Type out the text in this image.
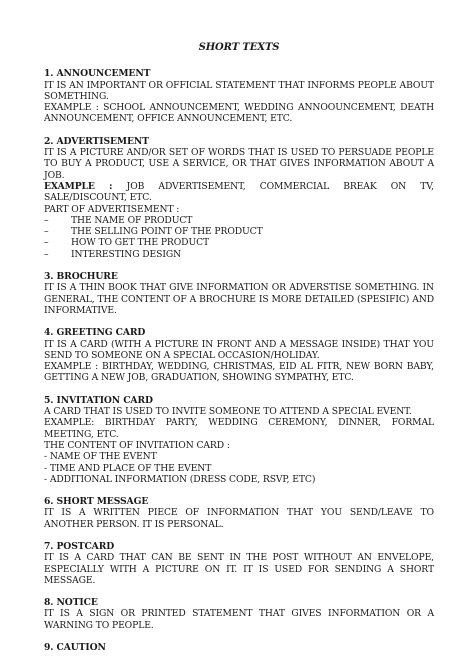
SHORT TEXTS
1. ANNOUNCEMENT
IT IS AN IMPORTANT OR OFFICIAL STATEMENT THAT INFORMS PEOPLE ABOUT SOMETHING.
EXAMPLE : SCHOOL ANNOUNCEMENT, WEDDING ANNOOUNCEMENT, DEATH ANNOUNCEMENT, OFFICE ANNOUNCEMENT, ETC.
2. ADVERTISEMENT
IT IS A PICTURE AND/OR SET OF WORDS THAT IS USED TO PERSUADE PEOPLE TO BUY A PRODUCT, USE A SERVICE, OR THAT GIVES INFORMATION ABOUT A JOB.
EXAMPLE : JOB ADVERTISEMENT, COMMERCIAL BREAK ON TV, SALE/DISCOUNT, ETC.
PART OF ADVERTISEMENT :
– THE NAME OF PRODUCT
– THE SELLING POINT OF THE PRODUCT
– HOW TO GET THE PRODUCT
– INTERESTING DESIGN
3. BROCHURE
IT IS A THIN BOOK THAT GIVE INFORMATION OR ADVERSTISE SOMETHING. IN GENERAL, THE CONTENT OF A BROCHURE IS MORE DETAILED (SPESIFIC) AND INFORMATIVE.
4. GREETING CARD
IT IS A CARD (WITH A PICTURE IN FRONT AND A MESSAGE INSIDE) THAT YOU SEND TO SOMEONE ON A SPECIAL OCCASION/HOLIDAY.
EXAMPLE : BIRTHDAY, WEDDING, CHRISTMAS, EID AL FITR, NEW BORN BABY, GETTING A NEW JOB, GRADUATION, SHOWING SYMPATHY, ETC.
5. INVITATION CARD
A CARD THAT IS USED TO INVITE SOMEONE TO ATTEND A SPECIAL EVENT.
EXAMPLE: BIRTHDAY PARTY, WEDDING CEREMONY, DINNER, FORMAL MEETING, ETC.
THE CONTENT OF INVITATION CARD :
- NAME OF THE EVENT
- TIME AND PLACE OF THE EVENT
- ADDITIONAL INFORMATION (DRESS CODE, RSVP, ETC)
6. SHORT MESSAGE
IT IS A WRITTEN PIECE OF INFORMATION THAT YOU SEND/LEAVE TO ANOTHER PERSON. IT IS PERSONAL.
7. POSTCARD
IT IS A CARD THAT CAN BE SENT IN THE POST WITHOUT AN ENVELOPE, ESPECIALLY WITH A PICTURE ON IT. IT IS USED FOR SENDING A SHORT MESSAGE.
8. NOTICE
IT IS A SIGN OR PRINTED STATEMENT THAT GIVES INFORMATION OR A WARNING TO PEOPLE.
9. CAUTION
